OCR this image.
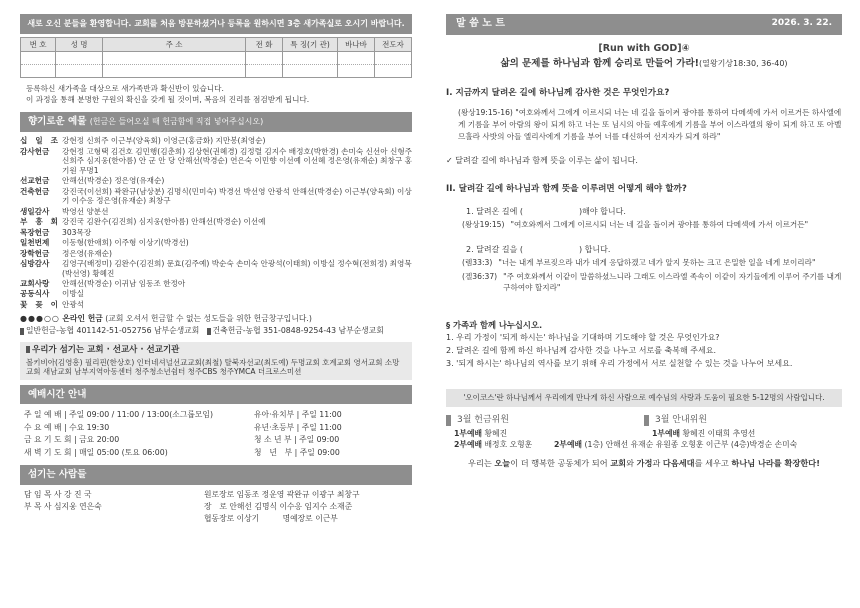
새로 오신 분들을 환영합니다. 교회를 처음 방문하셨거나 등록을 원하시면 3층 새가족실로 오시기 바랍니다.
번 호	성 명	주 소	전 화	특 징(기 관)	바나바	전도자

등록하신 새가족을 대상으로 새가족반과 확신반이 있습니다.
이 과정을 통해 분명한 구원의 확신을 갖게 될 것이며, 복음의 진리를 점검받게 됩니다.
향기로운 예물 (헌금은 들어오실 때 헌금함에 직접 넣어주십시오)
십 일 조 강현정 신희주 이근부(양육회) 이영근(홍금화) 지만봉(최영순)
감사헌금	강현정 고형택 김건호 김민행(김춘희) 김상현(권혜경) 김정렬 김지수 배정호(박한경) 손미숙 신선아 신형주 신희주 심지웅(한아름) 안 군 안 당 안해선(박경순) 연은숙 이민향 이선예 이선혜 정은영(유재순) 최창구 홍기원 무명1
선교헌금	안해선(박경순) 정은영(유재순)
건축헌금	강진국(이선희) 곽완규(남상분) 김명식(민미숙) 박경선 박선영 안광석 안해선(박경순) 이근부(양육회) 이상기 이수응 정은영(유재순) 최창구
생일감사	박영선 양분선
부 흥 회 강진국 김완수(김진희) 심지웅(한아름) 안해선(박경순) 이선예
목장헌금	303목장
일천번제	이동형(한애희) 이주형 이상기(박경선)
장학헌금	정은영(유재순)
심방감사	김영구(배정미) 김완수(김진희) 문효(김주예) 박순숙 손미숙 안광석(이태희) 이방실 정수혁(전희정) 최영묵(박선영) 황혜진
교회사랑	안해선(박경순) 이귀남 임동조 한정아
공동식사	이방실
꽃 꽂 이 안광석
●●●○○ 온라인 헌금 (교회 오셔서 헌금할 수 없는 성도들을 위한 헌금창구입니다.)
일반헌금-농협 401142-51-052756 남부순생교회 건축헌금-농협 351-0848-9254-43 남부순생교회
우리가 섬기는 교회 · 선교사 · 선교기관
볼키비아(김영흥) 필리핀(한상호) 인터네셔널선교교회(최철) 탈북자선교(최도예) 두명교회 호계교회 영서교회 소망교회 새남교회 남부지역아동센터 청주청소년쉼터 청주CBS 청주YMCA 더크로스미션
예배시간 안내
주 일 예 배 | 주일 09:00 / 11:00 / 13:00(소그룹모임)	유아·유치부 | 주일 11:00
수 요 예 배 | 수요 19:30	유년·초등부 | 주일 11:00
금 요 기 도 회 | 금요 20:00	청 소 년 부 | 주일 09:00
새 벽 기 도 회 | 매일 05:00 (토요 06:00)	청　년　부 | 주일 09:00
섬기는 사람들
담 임 목 사 강 진 국
부 목 사 심지웅 연은숙
원로장로 임동조 정운영 곽완규 이광구 최창구
장　로 안해선 김명식 이수응 임지수 소재준
협동장로 이상기　　　명예장로 이근부
말 씀 노 트	2026. 3. 22.
[Run with GOD]④
삶의 문제를 하나님과 함께 승리로 만들어 가라!(열왕기상18:30, 36-40)
I. 지금까지 달려온 길에 하나님께 감사한 것은 무엇인가요?
(왕상19:15-16) "여호와께서 그에게 이르시되 너는 네 길을 돌이켜 광야를 통하여 다메섹에 가서 이르거든 하사엘에게 기름을 부어 아람의 왕이 되게 하고 너는 또 님시의 아들 예후에게 기름을 부어 이스라엘의 왕이 되게 하고 또 아벨므홀라 사밧의 아들 엘리사에게 기름을 부어 너를 대신하여 선지자가 되게 하라"
✓ 달려갈 길에 하나님과 함께 뜻을 이루는 삶이 됩니다.
II. 달려갈 길에 하나님과 함께 뜻을 이루려면 어떻게 해야 할까?
1. 달려온 길에 (　　　　　　　)해야 합니다.
(왕상19:15) "여호와께서 그에게 이르시되 너는 네 길을 돌이켜 광야를 통하여 다메섹에 가서 이르거든"
2. 달려갈 길을 (　　　　　　　) 합니다.
(렘33:3) "너는 내게 부르짖으라 내가 네게 응답하겠고 네가 알지 못하는 크고 은밀한 일을 네게 보이리라"
(겔36:37) "주 여호와께서 이같이 말씀하셨느니라 그래도 이스라엘 족속이 이같이 자기들에게 이루어 주기를 내게 구하여야 할지라"
§ 가족과 함께 나누십시오.
1. 우리 가정이 '되게 하시는' 하나님을 기대하며 기도해야 할 것은 무엇인가요?
2. 달려온 길에 함께 하신 하나님께 감사한 것을 나누고 서로를 축복해 주세요.
3. '되게 하시는' 하나님의 역사를 보기 위해 우리 가정에서 서로 실천할 수 있는 것을 나누어 보세요.
'오이코스'란 하나님께서 우리에게 만나게 하신 사람으로 예수님의 사랑과 도움이 필요한 5-12명의 사람입니다.
3월 헌금위원
1부예배 황혜진
2부예배 배정호 오형훈
3월 안내위원
1부예배 황혜진 이태희 추영선
2부예배 (1층) 안해선 유재순 유원종 오형훈 이근부 (4층)박경순 손미숙
우리는 오늘이 더 행복한 공동체가 되어 교회와 가정과 다음세대를 세우고 하나님 나라를 확장한다!
